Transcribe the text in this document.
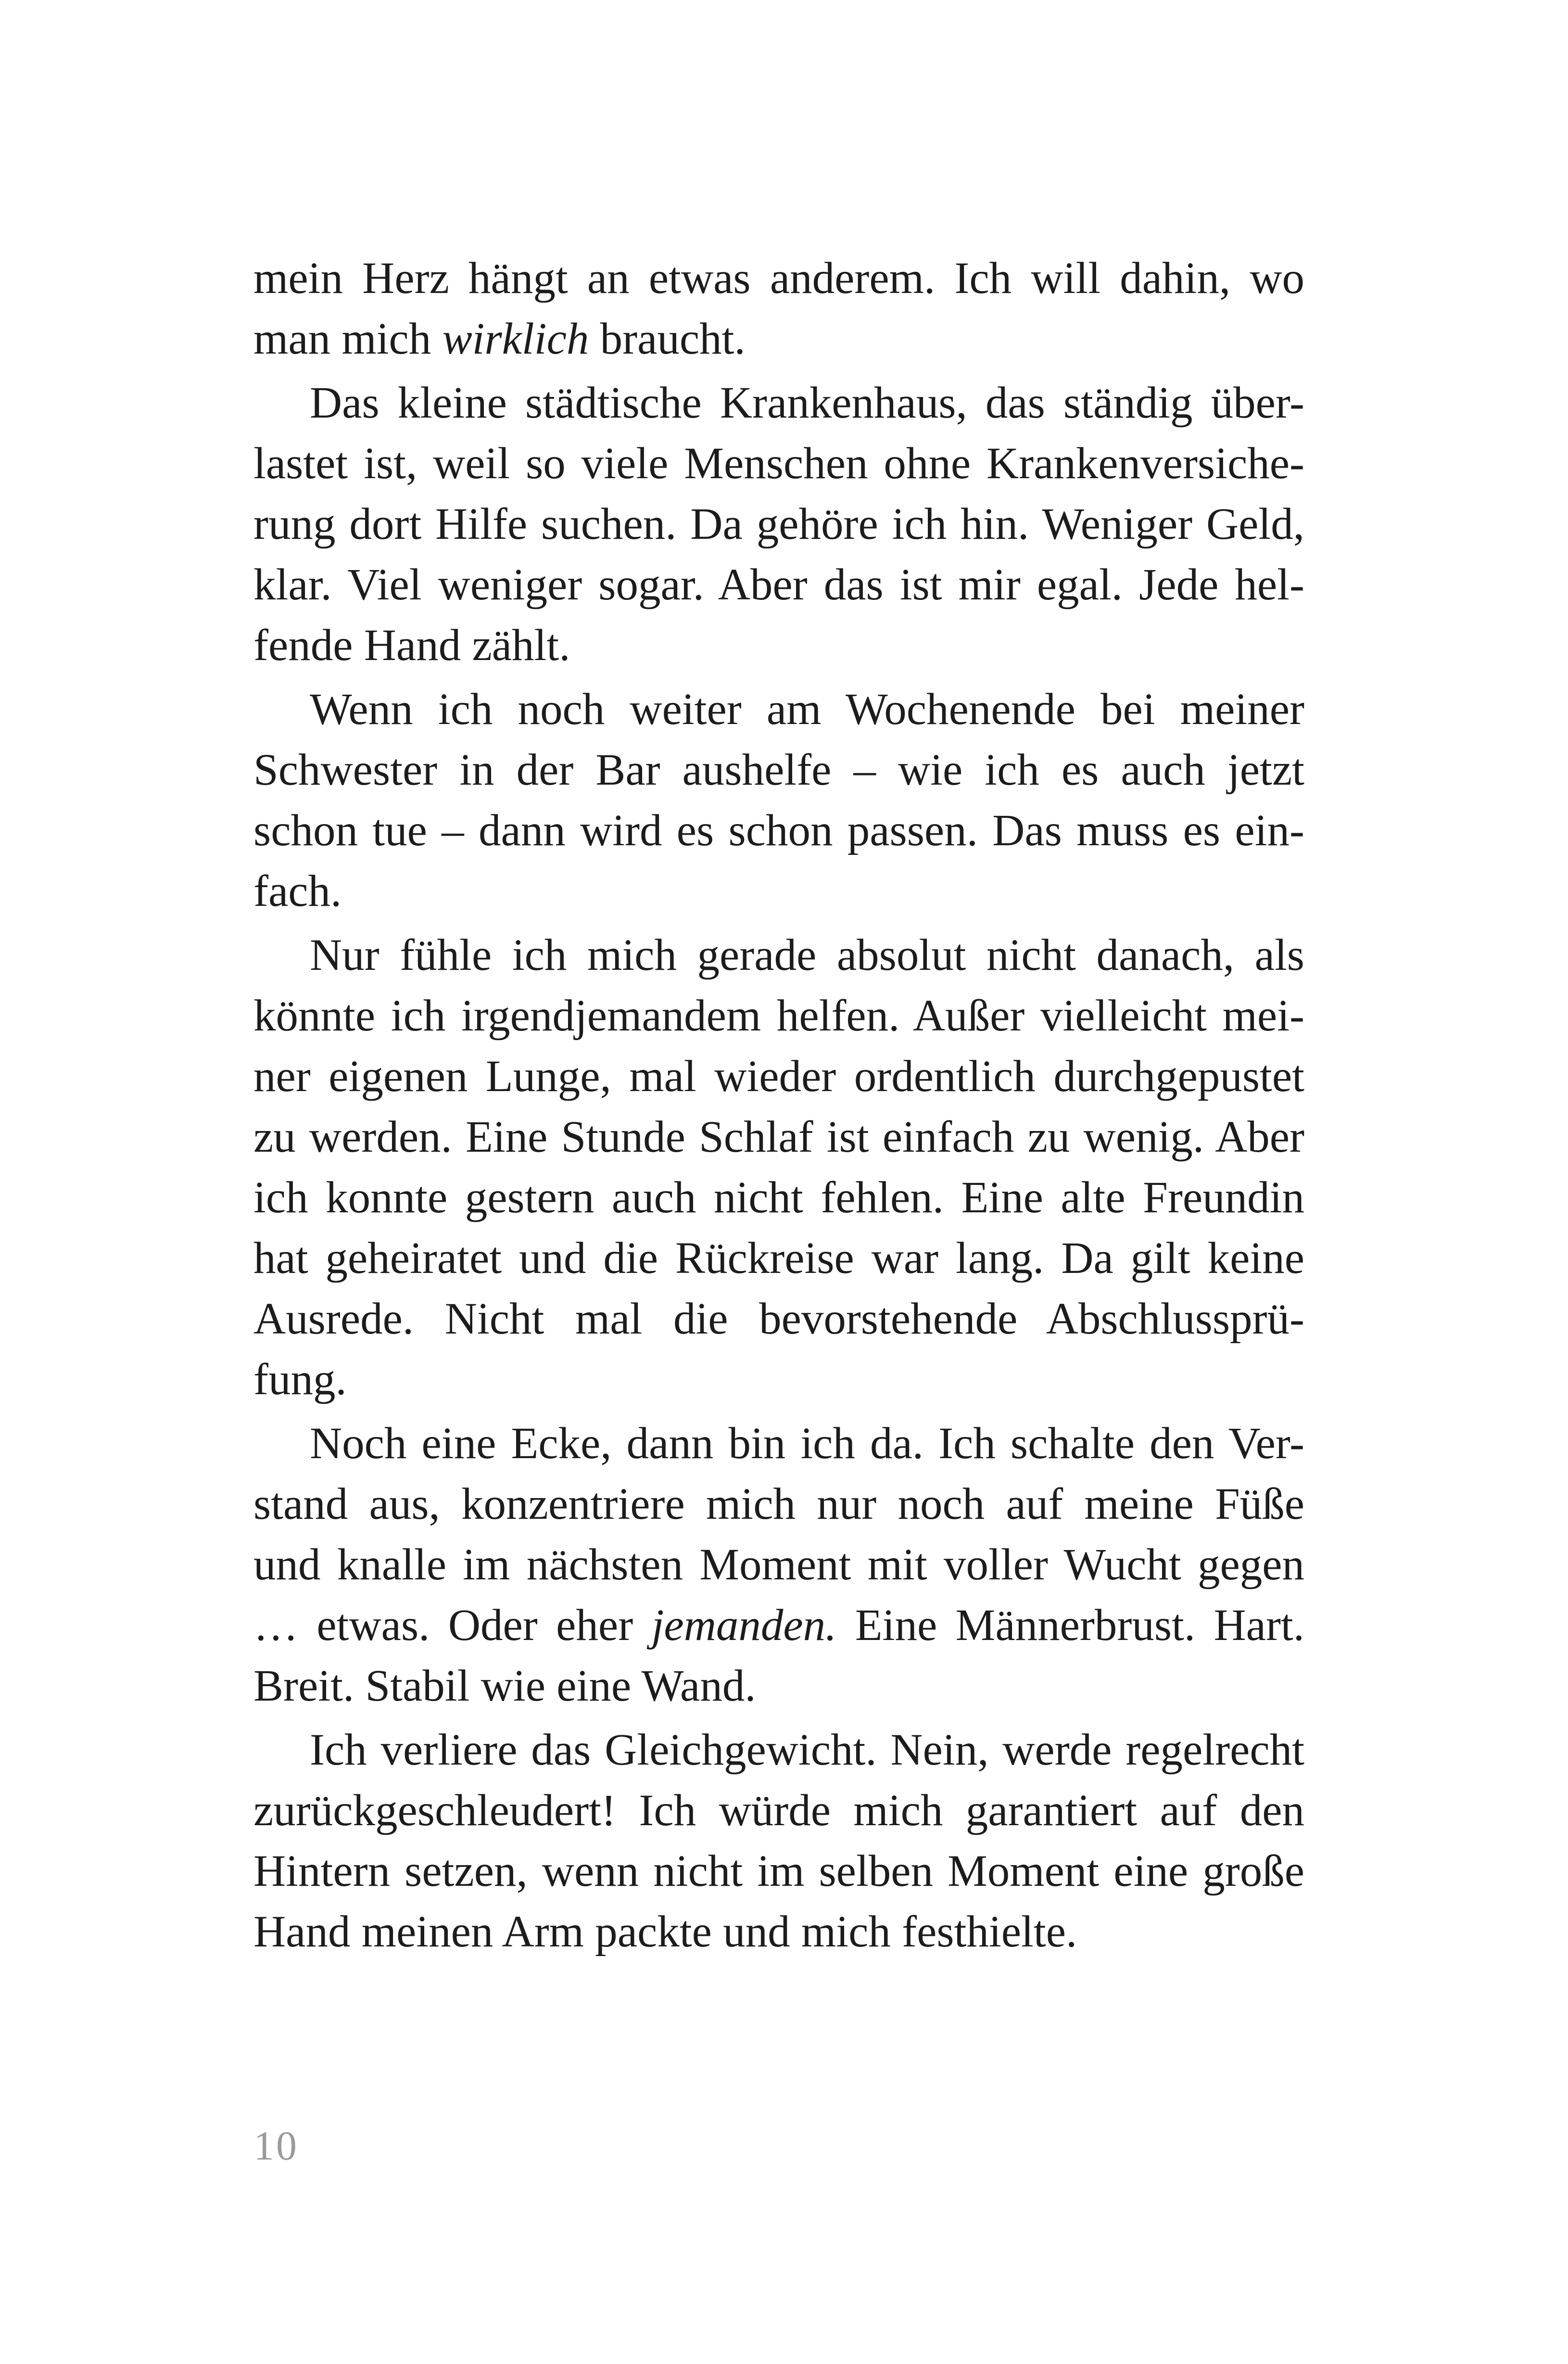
mein Herz hängt an etwas anderem. Ich will dahin, wo
man mich wirklich braucht.
Das kleine städtische Krankenhaus, das ständig über-
lastet ist, weil so viele Menschen ohne Krankenversiche-
rung dort Hilfe suchen. Da gehöre ich hin. Weniger Geld,
klar. Viel weniger sogar. Aber das ist mir egal. Jede hel-
fende Hand zählt.
Wenn ich noch weiter am Wochenende bei meiner
Schwester in der Bar aushelfe – wie ich es auch jetzt
schon tue – dann wird es schon passen. Das muss es ein-
fach.
Nur fühle ich mich gerade absolut nicht danach, als
könnte ich irgendjemandem helfen. Außer vielleicht mei-
ner eigenen Lunge, mal wieder ordentlich durchgepustet
zu werden. Eine Stunde Schlaf ist einfach zu wenig. Aber
ich konnte gestern auch nicht fehlen. Eine alte Freundin
hat geheiratet und die Rückreise war lang. Da gilt keine
Ausrede. Nicht mal die bevorstehende Abschlussprü-
fung.
Noch eine Ecke, dann bin ich da. Ich schalte den Ver-
stand aus, konzentriere mich nur noch auf meine Füße
und knalle im nächsten Moment mit voller Wucht gegen
… etwas. Oder eher jemanden. Eine Männerbrust. Hart.
Breit. Stabil wie eine Wand.
Ich verliere das Gleichgewicht. Nein, werde regelrecht
zurückgeschleudert! Ich würde mich garantiert auf den
Hintern setzen, wenn nicht im selben Moment eine große
Hand meinen Arm packte und mich festhielte.
10
